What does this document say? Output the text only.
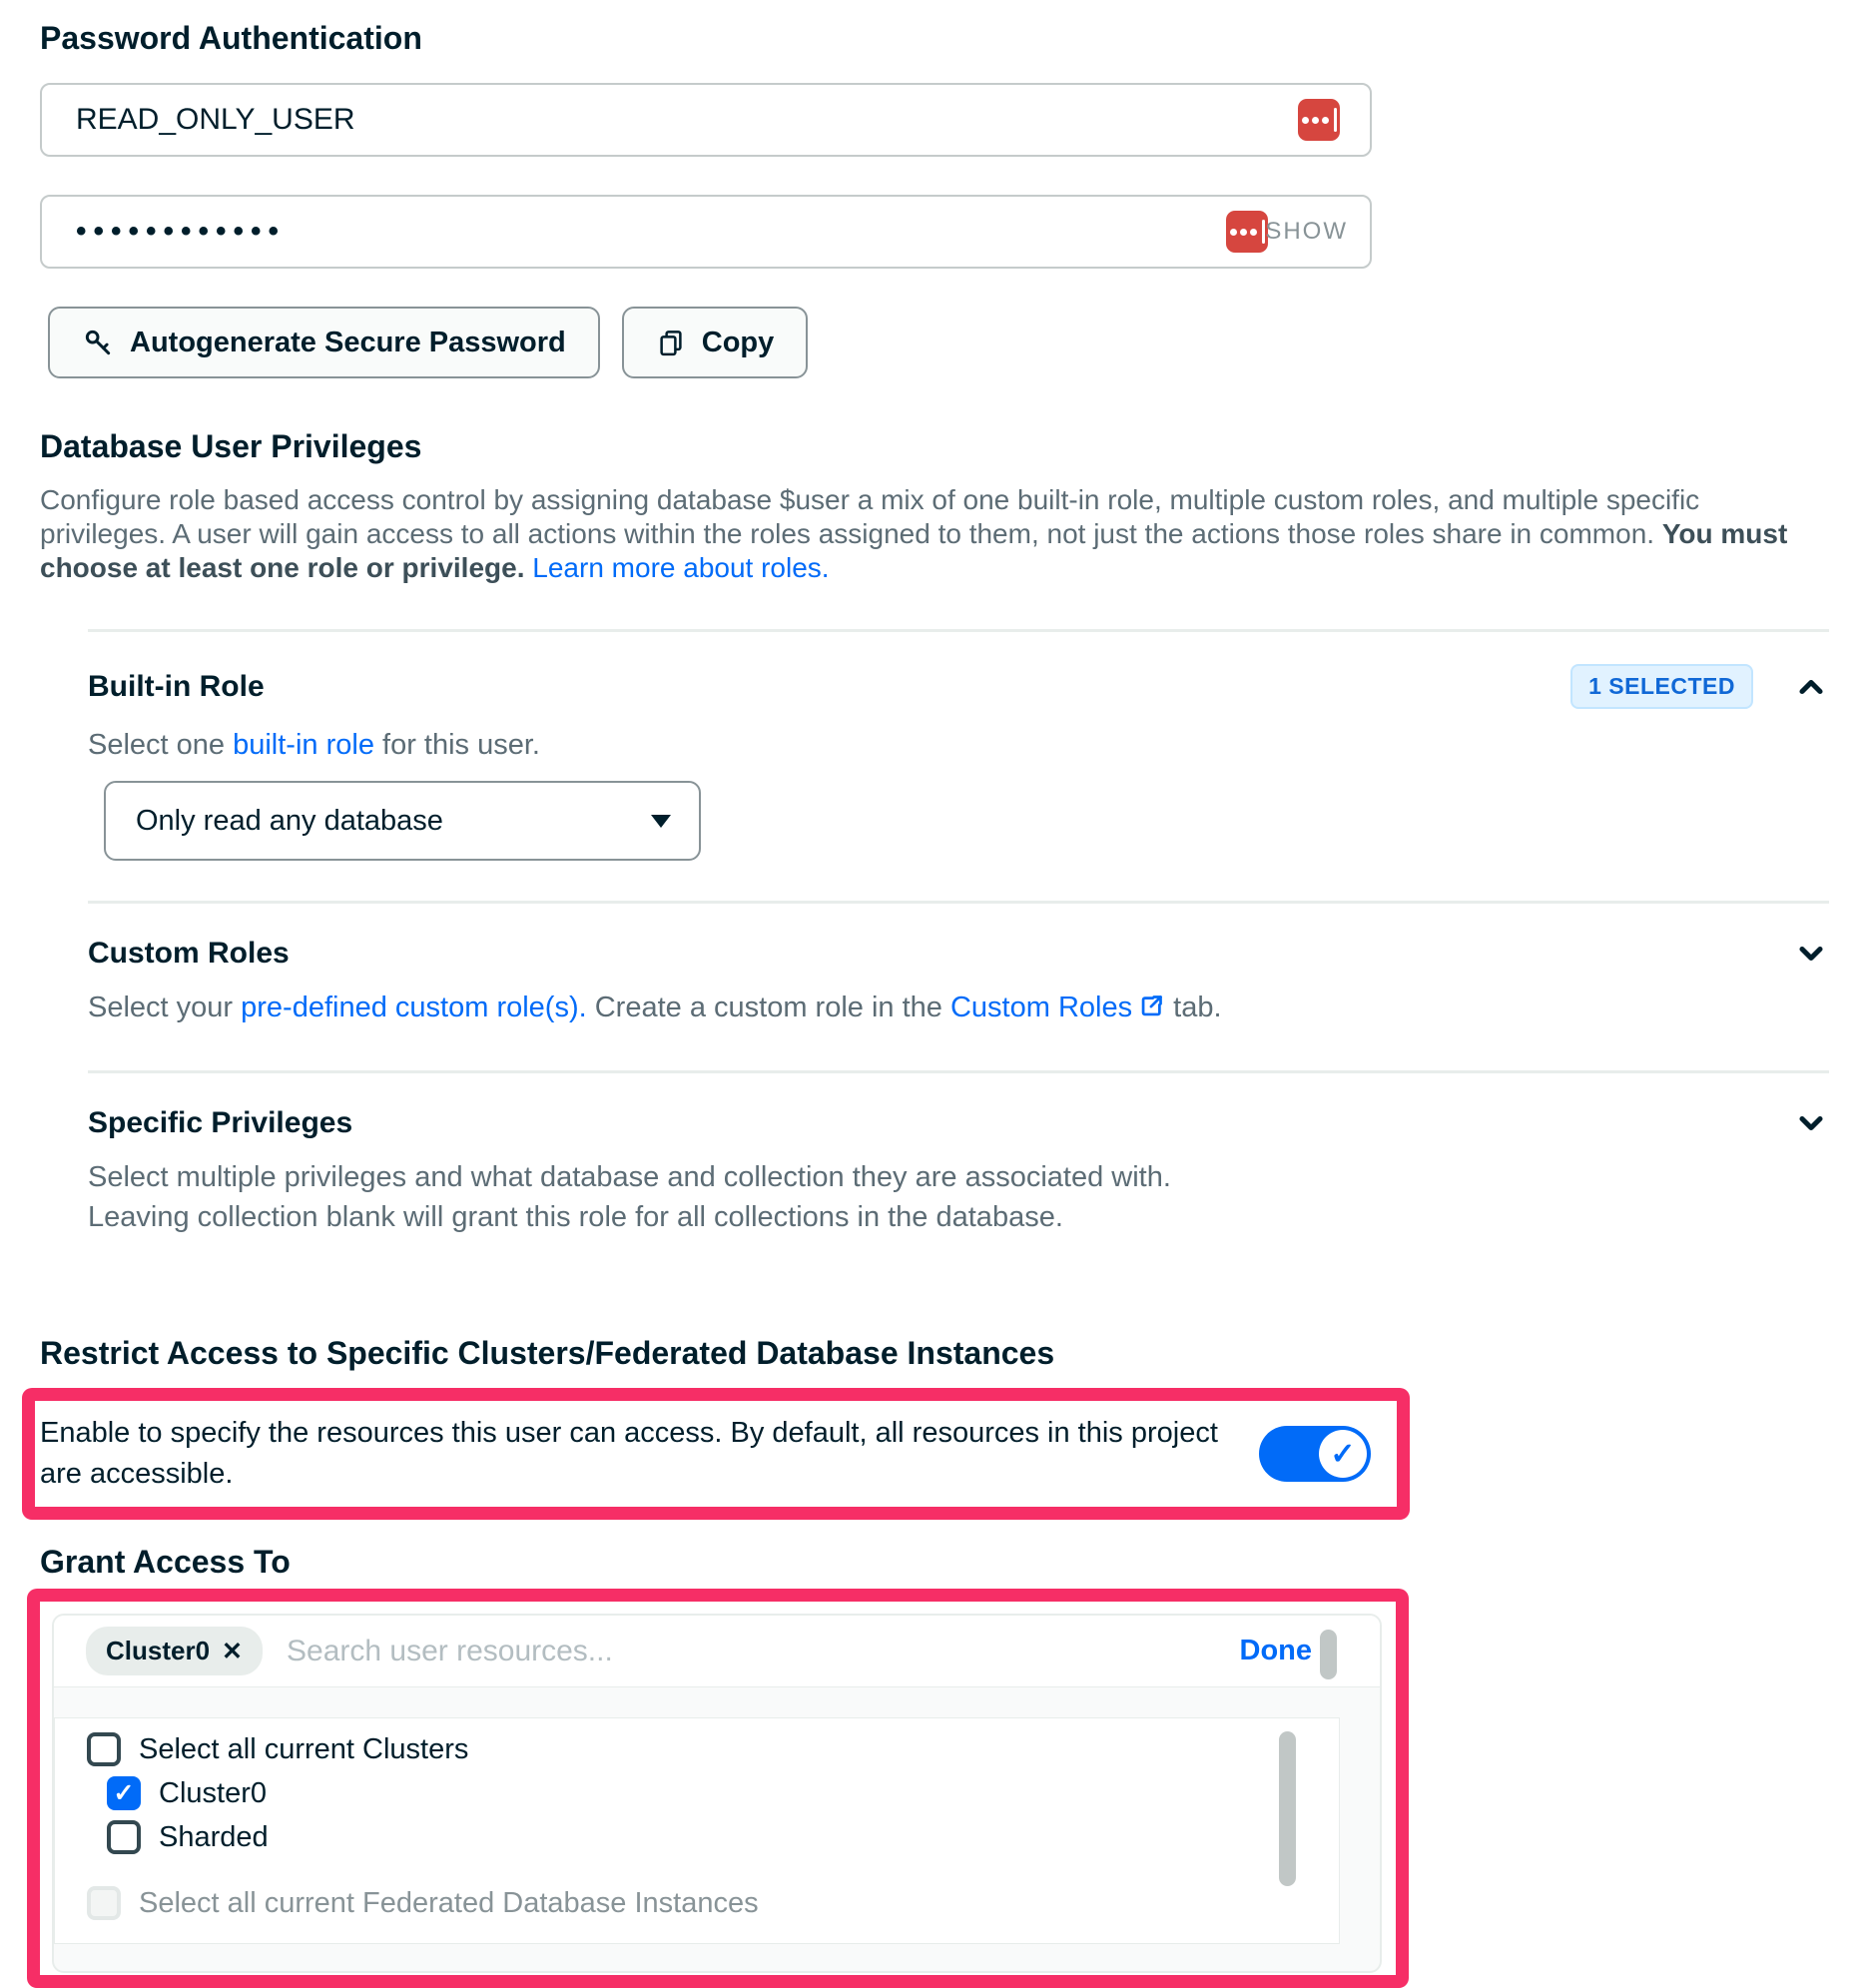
Password Authentication
READ_ONLY_USER
••••••••••••	SHOW
Autogenerate Secure Password	Copy
Database User Privileges

Configure role based access control by assigning database $user a mix of one built-in role, multiple custom roles, and multiple specific privileges. A user will gain access to all actions within the roles assigned to them, not just the actions those roles share in common. You must choose at least one role or privilege. Learn more about roles.

Built-in Role	1 SELECTED

Select one built-in role for this user.

Only read any database
Custom Roles

Select your pre-defined custom role(s). Create a custom role in the Custom Roles tab.

Specific Privileges

Select multiple privileges and what database and collection they are associated with.

Leaving collection blank will grant this role for all collections in the database.

Restrict Access to Specific Clusters/Federated Database Instances

Enable to specify the resources this user can access. By default, all resources in this project are accessible.

✓
Grant Access To
Cluster0 ✕ Search user resources...	Done
Select all current Clusters
✓
Cluster0
Sharded
Select all current Federated Database Instances
